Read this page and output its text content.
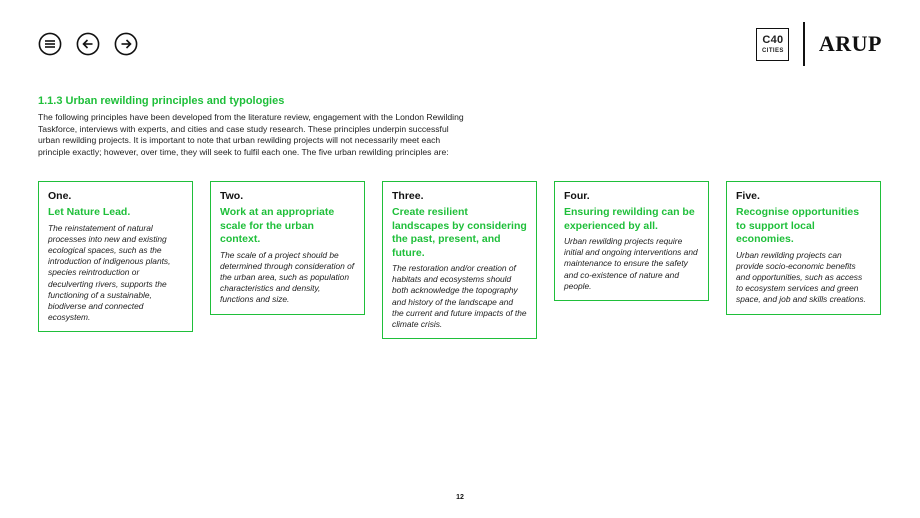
C40
CITIES ARUP
1.1.3 Urban rewilding principles and typologies

The following principles have been developed from the literature review, engagement with the London Rewilding Taskforce, interviews with experts, and cities and case study research. These principles underpin successful urban rewilding projects. It is important to note that urban rewilding projects will not necessarily meet each principle exactly; however, over time, they will seek to fulfil each one. The five urban rewilding principles are:

One.

Let Nature Lead.

The reinstatement of natural processes into new and existing ecological spaces, such as the introduction of indigenous plants, species reintroduction or deculverting rivers, supports the functioning of a sustainable, biodiverse and connected ecosystem.

Two.

Work at an appropriate scale for the urban context.

The scale of a project should be determined through consideration of the urban area, such as population characteristics and density, functions and size.

Three.

Create resilient landscapes by considering the past, present, and future.

The restoration and/or creation of habitats and ecosystems should both acknowledge the topography and history of the landscape and the current and future impacts of the climate crisis.

Four.

Ensuring rewilding can be experienced by all.

Urban rewilding projects require initial and ongoing interventions and maintenance to ensure the safety and co-existence of nature and people.

Five.

Recognise opportunities to support local economies.

Urban rewilding projects can provide socio-economic benefits and opportunities, such as access to ecosystem services and green space, and job and skills creations.

12
